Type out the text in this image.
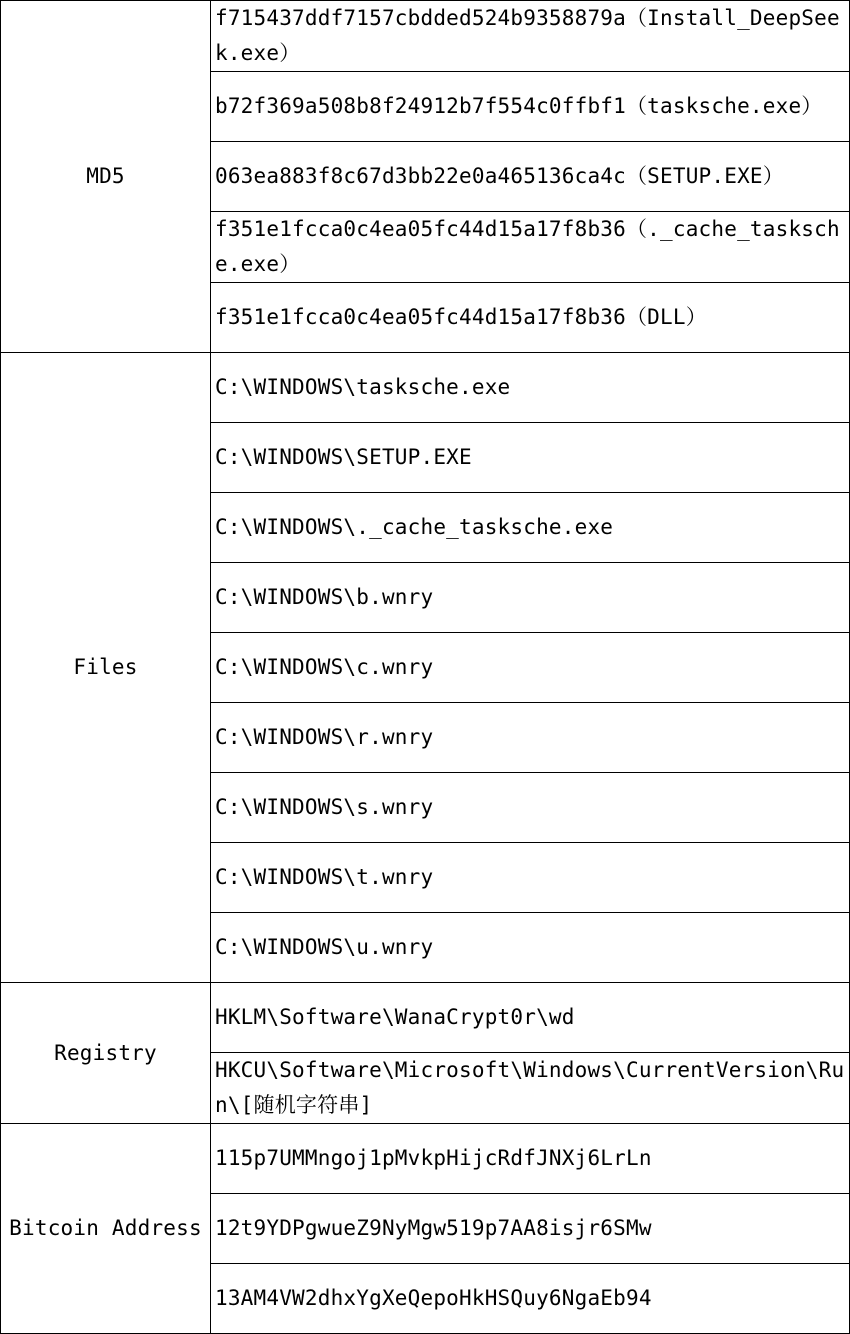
MD5	f715437ddf7157cbdded524b9358879a（Install_DeepSeek.exe）
	b72f369a508b8f24912b7f554c0ffbf1（tasksche.exe）
	063ea883f8c67d3bb22e0a465136ca4c（SETUP.EXE）
	f351e1fcca0c4ea05fc44d15a17f8b36（._cache_tasksche.exe）
	f351e1fcca0c4ea05fc44d15a17f8b36（DLL）
Files	C:\WINDOWS\tasksche.exe
	C:\WINDOWS\SETUP.EXE
	C:\WINDOWS\._cache_tasksche.exe
	C:\WINDOWS\b.wnry
	C:\WINDOWS\c.wnry
	C:\WINDOWS\r.wnry
	C:\WINDOWS\s.wnry
	C:\WINDOWS\t.wnry
	C:\WINDOWS\u.wnry
Registry	HKLM\Software\WanaCrypt0r\wd
	HKCU\Software\Microsoft\Windows\CurrentVersion\Run\[随机字符串]
Bitcoin Address	115p7UMMngoj1pMvkpHijcRdfJNXj6LrLn
	12t9YDPgwueZ9NyMgw519p7AA8isjr6SMw
	13AM4VW2dhxYgXeQepoHkHSQuy6NgaEb94
